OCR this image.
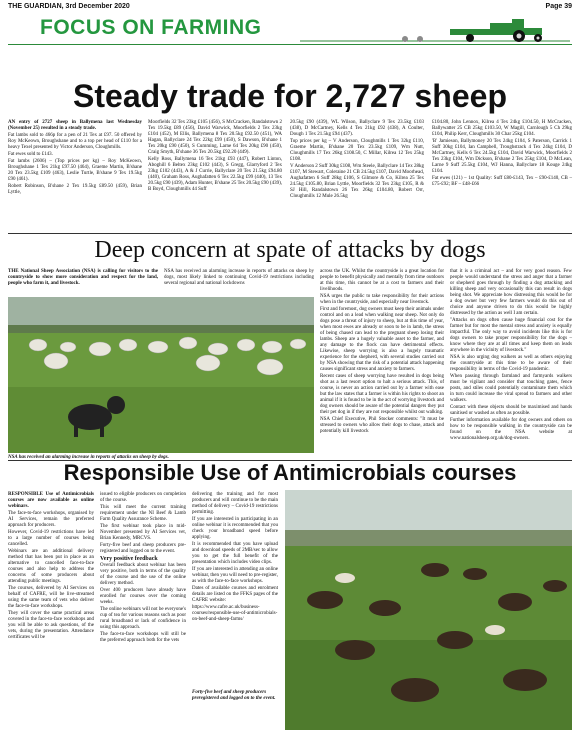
THE GUARDIAN, 3rd December 2020	Page 39
FOCUS ON FARMING
Steady trade for 2,727 sheep

AN entry of 2727 sheep in Ballymena last Wednesday (November 25) resulted in a steady trade.

Fat lambs sold to 466p for a pen of 21 Tex at £97. 50 offered by Roy McKeown, Broughshane and to a top per head of £110 for a heavy Texel presented by Victor Anderson, Cloughmills.

Fat ewes sold to £143.

Fat lambs (2606) – (Top prices per kg) – Roy McKeown, Broughshane 1 Tex 21kg £97.50 (464), Graeme Martin, B'shane 20 Tex 23.5kg £109 (463), Leslie Turtle, B'shane 9 Tex 19.5kg £90 (461).

Robert Robinson, B'shane 2 Tex 19.5kg £89.50 (459), Brian Lyttle,

Moorfields 32 Tex 23kg £105 (456), S McCracken, Randalstown 2 Tex 19.5kg £89 (456), David Warwick, Moorfields 2 Tex 23kg £104 (452), M Ellis, Ballymena 8 Tex 20.5kg £92.50 (451), WA Hagan, Ballyclare 24 Tex 22kg £99 (450), S Dawson, B'shane 1 Tex 20kg £90 (450), S Cumming, Larne 64 Tex 20kg £90 (450), Craig Smyth, B'shane 36 Tex 20.5kg £92.20 (449).

Kelly Ross, Ballymena 16 Tex 21kg £93 (447), Robert Linton, Aboghill 6 Beltex 23kg £102 (443), S Gregg, Glarryford 2 Tex 23kg £102 (443), A & J Currie, Ballyclare 20 Tex 21.5kg £94.80 (440), Graham Ross, Aughafatten 6 Tex 22.5kg £99 (440), 13 Tex 20.5kg £90 (439), Adam Hunter, B'shane 25 Tex 20.5kg £90 (439), B Boyd, Cloughmills 44 Suff

20.5kg £90 (439), WL Wilson, Ballyclare 9 Tex 23.5kg £103 (438), D McCartney, Kells 4 Tex 21kg £92 (438), A Coulter, Dough 1 Tex 21.5kg £94 (437).

Top prices per kg – V Anderson, Cloughmills 1 Tex 32kg £110, Graeme Martin, B'shane 20 Tex 23.5kg £109, Wm Nutt, Cloughmills 17 Tex 26kg £108.50, C Millar, Kilrea 12 Tex 25kg £108.

V Anderson 2 Suff 30kg £108, Wm Steele, Ballyclare 14 Tex 28kg £107, M Stewart, Coleraine 21 CB 24.5kg £107, David Moorhead, Aughafatten 6 Suff 28kg £106, S Gilmore & Co, Kilrea 25 Tex 24.5kg £105.80, Brian Lyttle, Moorfields 32 Tex 23kg £105, R & SJ Hill, Randalstown 26 Tex 26kg £104.80, Robert Orr, Cloughmills 12 Mule 26.5kg

£104.80, John Lennox, Kilrea 4 Tex 24kg £104.50, H McCracken, Ballywatter 25 CB 25kg £103.50, W Magill, Carnlough 5 Ch 29kg £104, Philip Kerr, Cloughmills 30 Char 25kg £104.

'B' Jamieson, Ballymoney 20 Tex 24kg £104, S Paterson, Carrick 1 Suff 30kg £104, Ian Campbell, Troughstrack 4 Tex 24kg £104, D McCartney, Kells 6 Tex 24.5kg £104, David Warwick, Moorfields 2 Tex 23kg £104, Wm Dickson, B'shane 2 Tex 25kg £104, D McLean, Larne 9 Suff 25.5kg £104, WJ Hanna, Ballyclare 18 Kouge 24kg £104.

Fat ewes (121) – 1st Quality: Suff £80-£143, Tex – £90-£140, CB – £75-£92; BF – £48-£66

Deep concern at spate of attacks by dogs

THE National Sheep Association (NSA) is calling for visitors to the countryside to show more consideration and respect for the land, people who farm it, and livestock.

NSA has received an alarming increase in reports of attacks on sheep by dogs, most likely linked to continuing Covid-19 restrictions including several regional and national lockdowns

NSA has received an alarming increase in reports of attacks on sheep by dogs.

across the UK. Whilst the countryside is a great location for people to benefit physically and mentally from time outdoors at this time, this cannot be at a cost to farmers and their livelihoods.

NSA urges the public to take responsibility for their actions when in the countryside, and especially near livestock.

First and foremost, dog owners must keep their animals under control and on a lead when walking near sheep. Not only do dogs pose a threat of injury to sheep, but at this time of year, when most ewes are already or soon to be in lamb, the stress of being chased can lead to the pregnant sheep losing their lambs. Sheep are a hugely valuable asset to the farmer, and any damage to the flock can have detrimental effects. Likewise, sheep worrying is also a hugely traumatic experience for the shepherd, with several studies carried out by NSA showing that the risk of a potential attack happening causes significant stress and anxiety to farmers.

Recent cases of sheep worrying have resulted in dogs being shot as a last resort option to halt a serious attack. This, of course, is never an action carried out by a farmer with ease but the law states that a farmer is within his rights to shoot an animal if it is found to be in the act of worrying livestock and dog owners should be aware of the potential dangers they put their pet dog in if they are not responsible whilst out walking.

NSA Chief Executive, Phil Stocker comments: "It must be stressed to owners who allow their dogs to chase, attack and potentially kill livestock

that it is a criminal act – and for very good reason. Few people would understand the stress and anger that a farmer or shepherd goes through by finding a dog attacking and killing sheep and very occasionally this can result in dogs being shot. We appreciate how distressing this would be for a dog owner but very few farmers would do this out of choice and anyone driven to do this would be highly distressed by the action as well I am certain.

"Attacks on dogs often cause huge financial cost for the farmer but for most the mental stress and anxiety is equally impactful. The only way to avoid incidents like this is for dogs owners to take proper responsibility for the dogs – know where they are at all times and keep them on leads anywhere in the vicinity of livestock."

NSA is also urging dog walkers as well as others enjoying the countryside at this time to be aware of their responsibility in terms of the Covid-19 pandemic.

When passing through farmland and farmyards walkers must be vigilant and consider that touching gates, fence posts, and stiles could potentially contaminate them which in turn could increase the viral spread to farmers and other walkers.

Contact with these objects should be maximised and hands sanitised or washed as often as possible.

Further information available for dog owners and others on how to be responsible walking in the countryside can be found on the NSA website at www.nationalsheep.org.uk/dog-owners.

Responsible Use of Antimicrobials courses

RESPONSIBLE Use of Antimicrobials courses are now available as online webinars.

The face-to-face workshops, organised by AI Services, remain the preferred approach for producers.

However, Covid-19 restrictions have led to a large number of courses being cancelled.

Webinars are an additional delivery method that has been put in place as an alternative to cancelled face-to-face courses and also help to address the concerns of some producers about attending public meetings.

The courses, delivered by AI Services on behalf of CAFRE, will be live-streamed using the same team of vets who deliver the face-to-face workshops.

They will cover the same practical areas covered in the face-to-face workshops and you will be able to ask questions, of the vets, during the presentation. Attendance certificates will be

issued to eligible producers on completion of the course.

This will meet the current training requirement under the NI Beef & Lamb Farm Quality Assurance Scheme.

The first webinar took place in mid-November presented by AI Services vet, Brian Kennedy, MRCVS.

Forty-five beef and sheep producers pre-registered and logged on to the event.

Very positive feedback

Overall feedback about webinar has been very positive, both in terms of the quality of the course and the use of the online delivery method.

Over 400 producers have already have enrolled for courses over the coming weeks.

The online webinars will not be everyone's cup of tea for various reasons such as poor rural broadband or lack of confidence in using this approach.

The face-to-face workshops will still be the preferred approach both for the vets

delivering the training and for most producers and will continue to be the main method of delivery – Covid-19 restrictions permitting.

If you are interested in participating in an online webinar it is recommended that you check your broadband speed before applying.

It is recommended that you have upload and download speeds of 2MB/sec to allow you to get the full benefit of the presentation which includes video clips.

If you are interested in attending an online webinar, then you will need to pre-register, as with the face-to-face workshops.

Dates of available courses and enrolment details are listed on the FFKS pages of the CAFRE website:

https://www.cafre.ac.uk/business-courses/responsible-use-of-antimicrobials-on-beef-and-sheep-farms/

Forty-five beef and sheep producers preregistered and logged on to the event.
